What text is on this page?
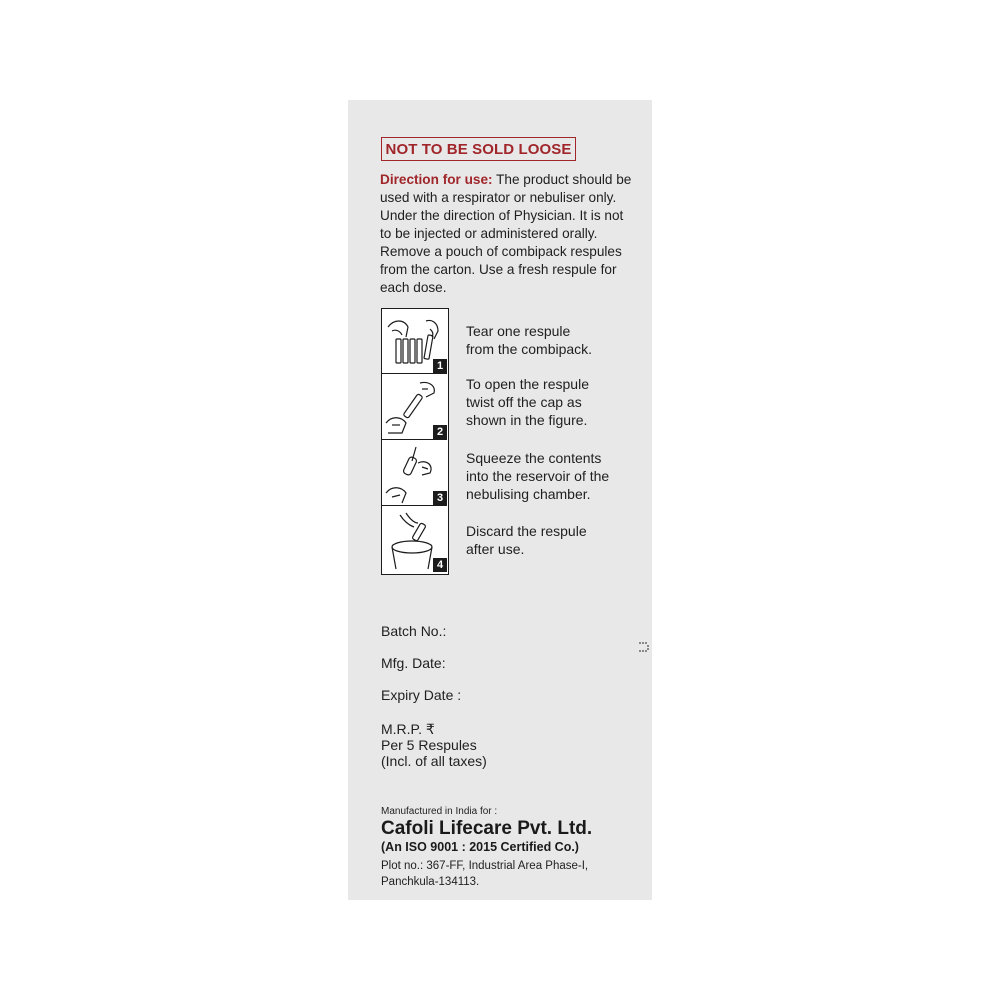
NOT TO BE SOLD LOOSE
Direction for use: The product should be used with a respirator or nebuliser only. Under the direction of Physician. It is not to be injected or administered orally. Remove a pouch of combipack respules from the carton. Use a fresh respule for each dose.
1
2
3
4
Tear one respule
from the combipack.
To open the respule
twist off the cap as
shown in the figure.
Squeeze the contents
into the reservoir of the
nebulising chamber.
Discard the respule
after use.
Batch No.:
Mfg. Date:
Expiry Date :
M.R.P. ₹
Per 5 Respules
(Incl. of all taxes)
Manufactured in India for :
Cafoli Lifecare Pvt. Ltd.
(An ISO 9001 : 2015 Certified Co.)
Plot no.: 367-FF, Industrial Area Phase-I,
Panchkula-134113.
